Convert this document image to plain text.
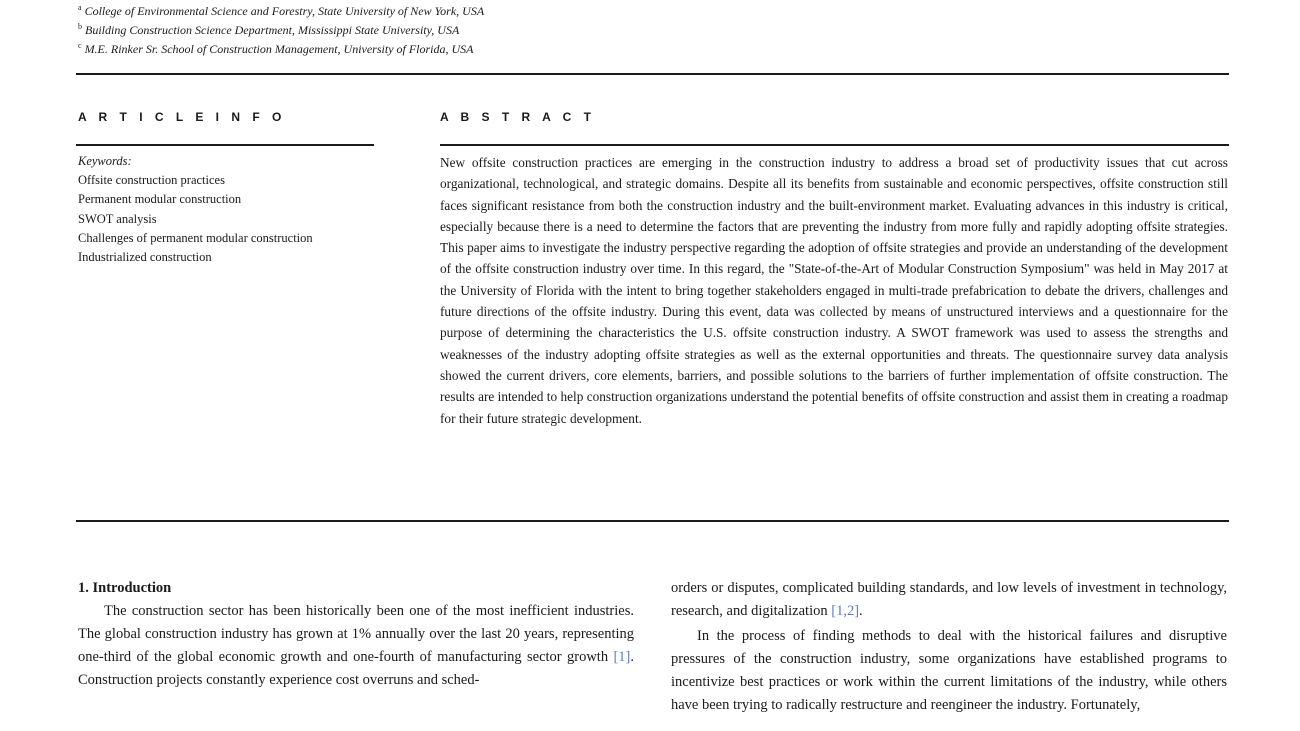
$^a$ College of Environmental Science and Forestry, State University of New York, USA
$^b$ Building Construction Science Department, Mississippi State University, USA
$^c$ M.E. Rinker Sr. School of Construction Management, University of Florida, USA
A R T I C L E I N F O	A B S T R A C T
Keywords:
Offsite construction practices
Permanent modular construction
SWOT analysis
Challenges of permanent modular construction
Industrialized construction
New offsite construction practices are emerging in the construction industry to address a broad set of productivity issues that cut across organizational, technological, and strategic domains. Despite all its benefits from sustainable and economic perspectives, offsite construction still faces significant resistance from both the construction industry and the built-environment market. Evaluating advances in this industry is critical, especially because there is a need to determine the factors that are preventing the industry from more fully and rapidly adopting offsite strategies. This paper aims to investigate the industry perspective regarding the adoption of offsite strategies and provide an understanding of the development of the offsite construction industry over time. In this regard, the "State-of-the-Art of Modular Construction Symposium" was held in May 2017 at the University of Florida with the intent to bring together stakeholders engaged in multi-trade prefabrication to debate the drivers, challenges and future directions of the offsite industry. During this event, data was collected by means of unstructured interviews and a questionnaire for the purpose of determining the characteristics the U.S. offsite construction industry. A SWOT framework was used to assess the strengths and weaknesses of the industry adopting offsite strategies as well as the external opportunities and threats. The questionnaire survey data analysis showed the current drivers, core elements, barriers, and possible solutions to the barriers of further implementation of offsite construction. The results are intended to help construction organizations understand the potential benefits of offsite construction and assist them in creating a roadmap for their future strategic development.

1. Introduction

The construction sector has been historically been one of the most inefficient industries. The global construction industry has grown at 1% annually over the last 20 years, representing one-third of the global economic growth and one-fourth of manufacturing sector growth [1]. Construction projects constantly experience cost overruns and sched-

orders or disputes, complicated building standards, and low levels of investment in technology, research, and digitalization [1,2].

In the process of finding methods to deal with the historical failures and disruptive pressures of the construction industry, some organizations have established programs to incentivize best practices or work within the current limitations of the industry, while others have been trying to radically restructure and reengineer the industry. Fortunately,
